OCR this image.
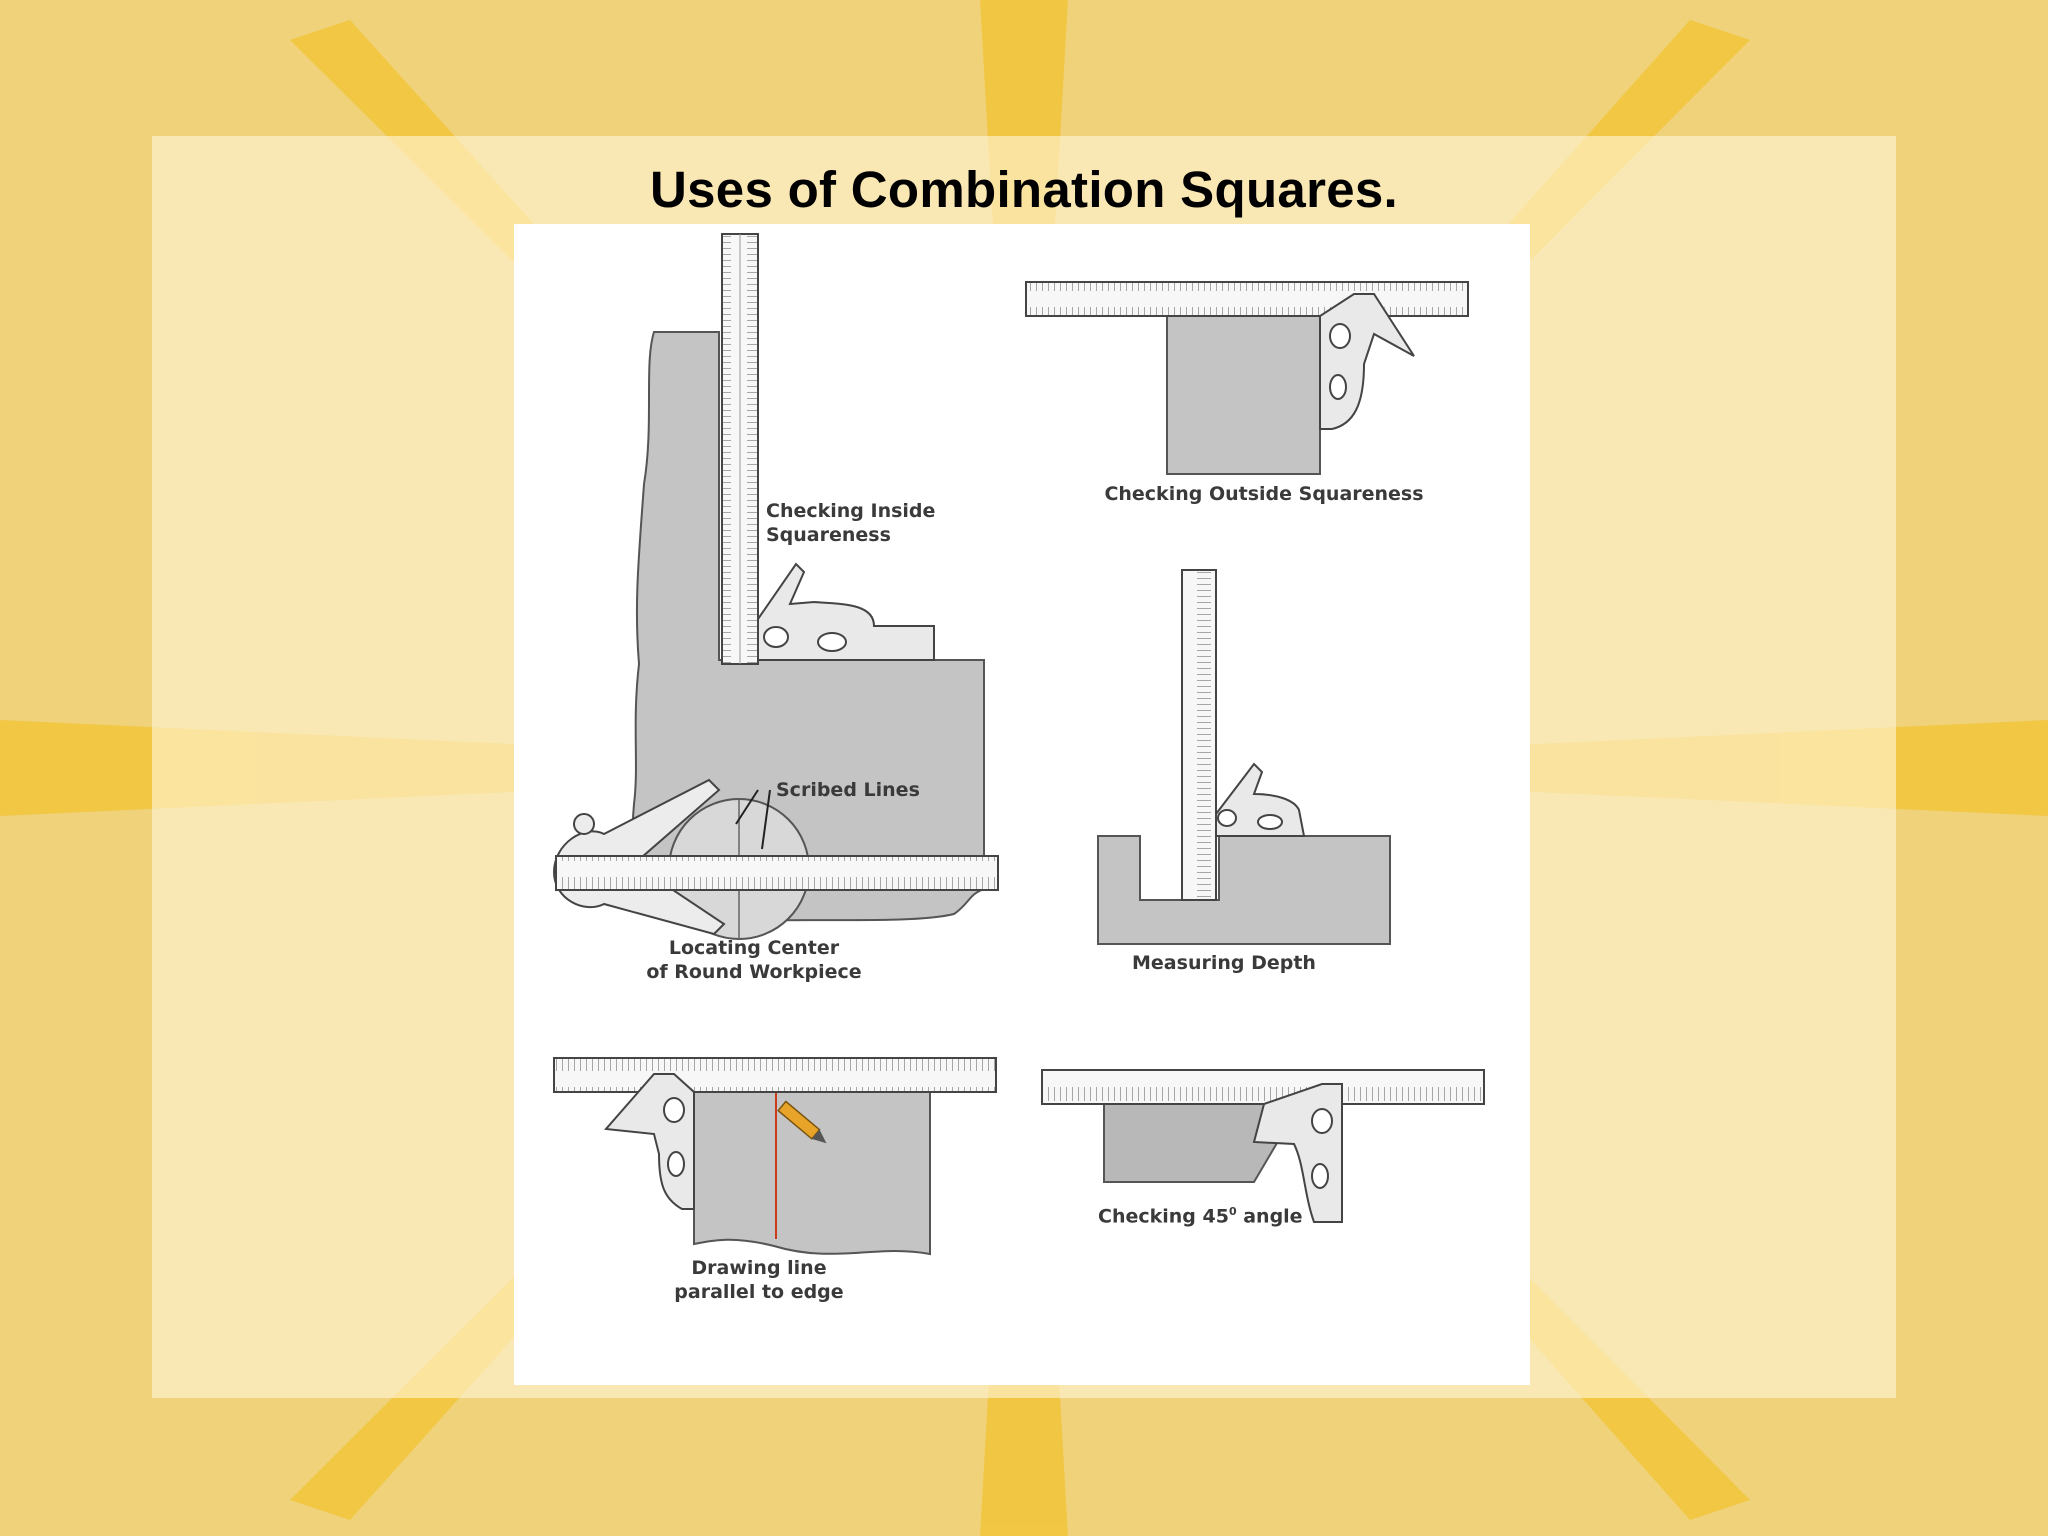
Uses of Combination Squares.
Checking Inside
Squareness
Checking Outside Squareness
Scribed Lines
Locating Center
of Round Workpiece	Measuring Depth
Drawing line
parallel to edge
Checking $45^0$ angle
